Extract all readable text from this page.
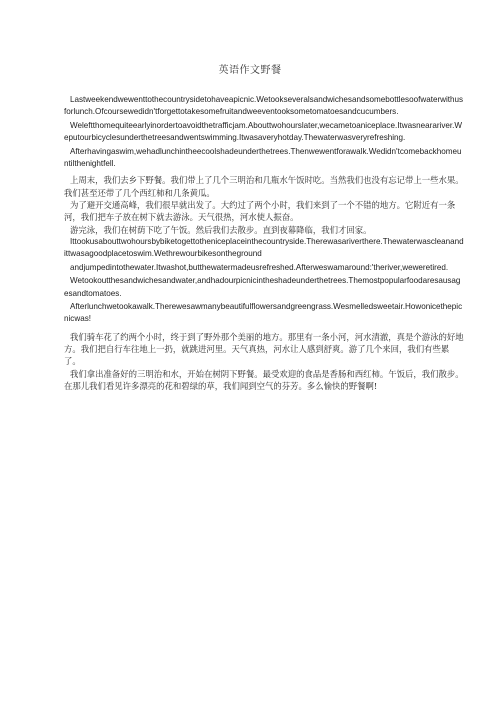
英语作文野餐

Lastweekendwewenttothecountrysidetohaveapicnic.Wetookseveralsandwichesandsomebottlesoofwaterwithusforlunch.Ofcoursewedidn'tforgettotakesomefruitandweeventooksometomatoesandcucumbers.

Weleftthomequiteearlyinordertoavoidthetrafficjam.Abouttwohourslater,wecametoaniceplace.Itwasnearariver.Weputourbicyclesunderthetreesandwentswimming.Itwasaveryhotday.Thewaterwasveryrefreshing.

Afterhavingaswim,wehadlunchintheecoolshadeunderthetrees.Thenwewentforawalk.Wedidn'tcomebackhomeuntilthenightfell.

上周末，我们去乡下野餐。我们带上了几个三明治和几瓶水午饭时吃。当然我们也没有忘记带上一些水果。我们甚至还带了几个西红柿和几条黄瓜。

为了避开交通高峰，我们很早就出发了。大约过了两个小时，我们来到了一个不错的地方。它附近有一条河，我们把车子放在树下就去游泳。天气很热，河水使人振奋。

游完泳，我们在树荫下吃了午饭。然后我们去散步。直到夜幕降临，我们才回家。

Ittookusabouttwohoursbybiketogettotheniceplaceinthecountryside.Therewasariverthere.Thewaterwascleanandittwasagoodplacetoswim.Wethrewourbikesontheground

andjumpedintothewater.Itwashot,butthewatermadeusrefreshed.Afterweswamaround:'theriver,weweretired.

Wetookoutthesandwichesandwater,andhadourpicnicintheshadeunderthetrees.Themostpopularfoodaresausagesandtomatoes.

Afterlunchwetookawalk.Therewesawmanybeautifulflowersandgreengrass.Wesmelledsweetair.Howonicethepicnicwas!

我们骑车花了约两个小时，终于到了野外那个美丽的地方。那里有一条小河，河水清澈，真是个游泳的好地方。我们把自行车往地上一扔，就跳进河里。天气真热，河水让人感到舒爽。游了几个来回，我们有些累了。

我们拿出准备好的三明治和水，开始在树阴下野餐。最受欢迎的食品是香肠和西红柿。午饭后，我们散步。在那儿我们看见许多漂亮的花和碧绿的草，我们闻到空气的芬芳。多么愉快的野餐啊!
